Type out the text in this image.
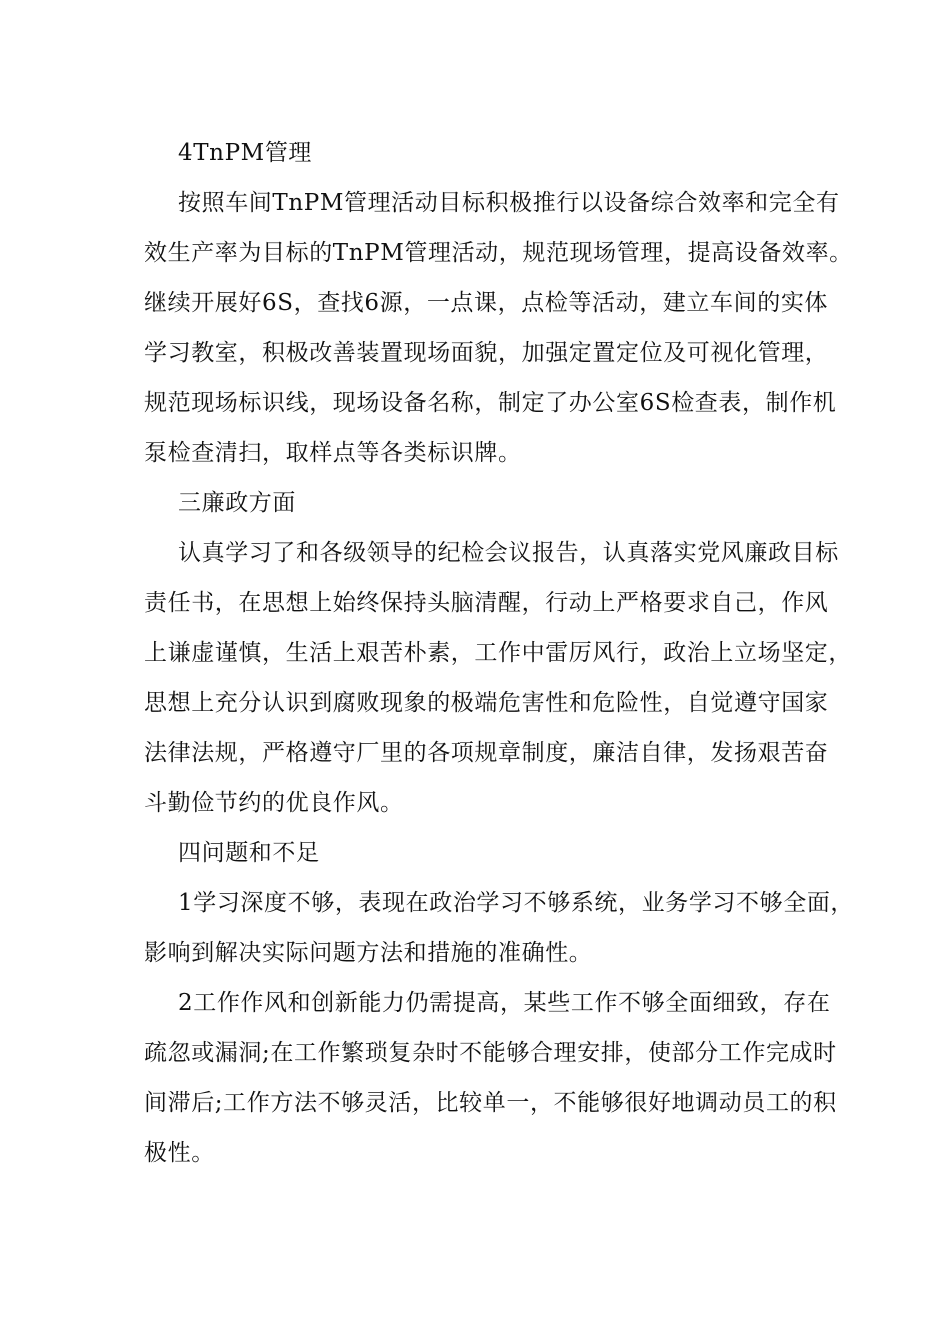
4TnPM管理

按照车间TnPM管理活动目标积极推行以设备综合效率和完全有
效生产率为目标的TnPM管理活动，规范现场管理，提高设备效率。
继续开展好6S，查找6源，一点课，点检等活动，建立车间的实体
学习教室，积极改善装置现场面貌，加强定置定位及可视化管理，
规范现场标识线，现场设备名称，制定了办公室6S检查表，制作机
泵检查清扫，取样点等各类标识牌。

三廉政方面

认真学习了和各级领导的纪检会议报告，认真落实党风廉政目标
责任书，在思想上始终保持头脑清醒，行动上严格要求自己，作风
上谦虚谨慎，生活上艰苦朴素，工作中雷厉风行，政治上立场坚定，
思想上充分认识到腐败现象的极端危害性和危险性，自觉遵守国家
法律法规，严格遵守厂里的各项规章制度，廉洁自律，发扬艰苦奋
斗勤俭节约的优良作风。

四问题和不足

1学习深度不够，表现在政治学习不够系统，业务学习不够全面，
影响到解决实际问题方法和措施的准确性。

2工作作风和创新能力仍需提高，某些工作不够全面细致，存在
疏忽或漏洞;在工作繁琐复杂时不能够合理安排，使部分工作完成时
间滞后;工作方法不够灵活，比较单一，不能够很好地调动员工的积
极性。
